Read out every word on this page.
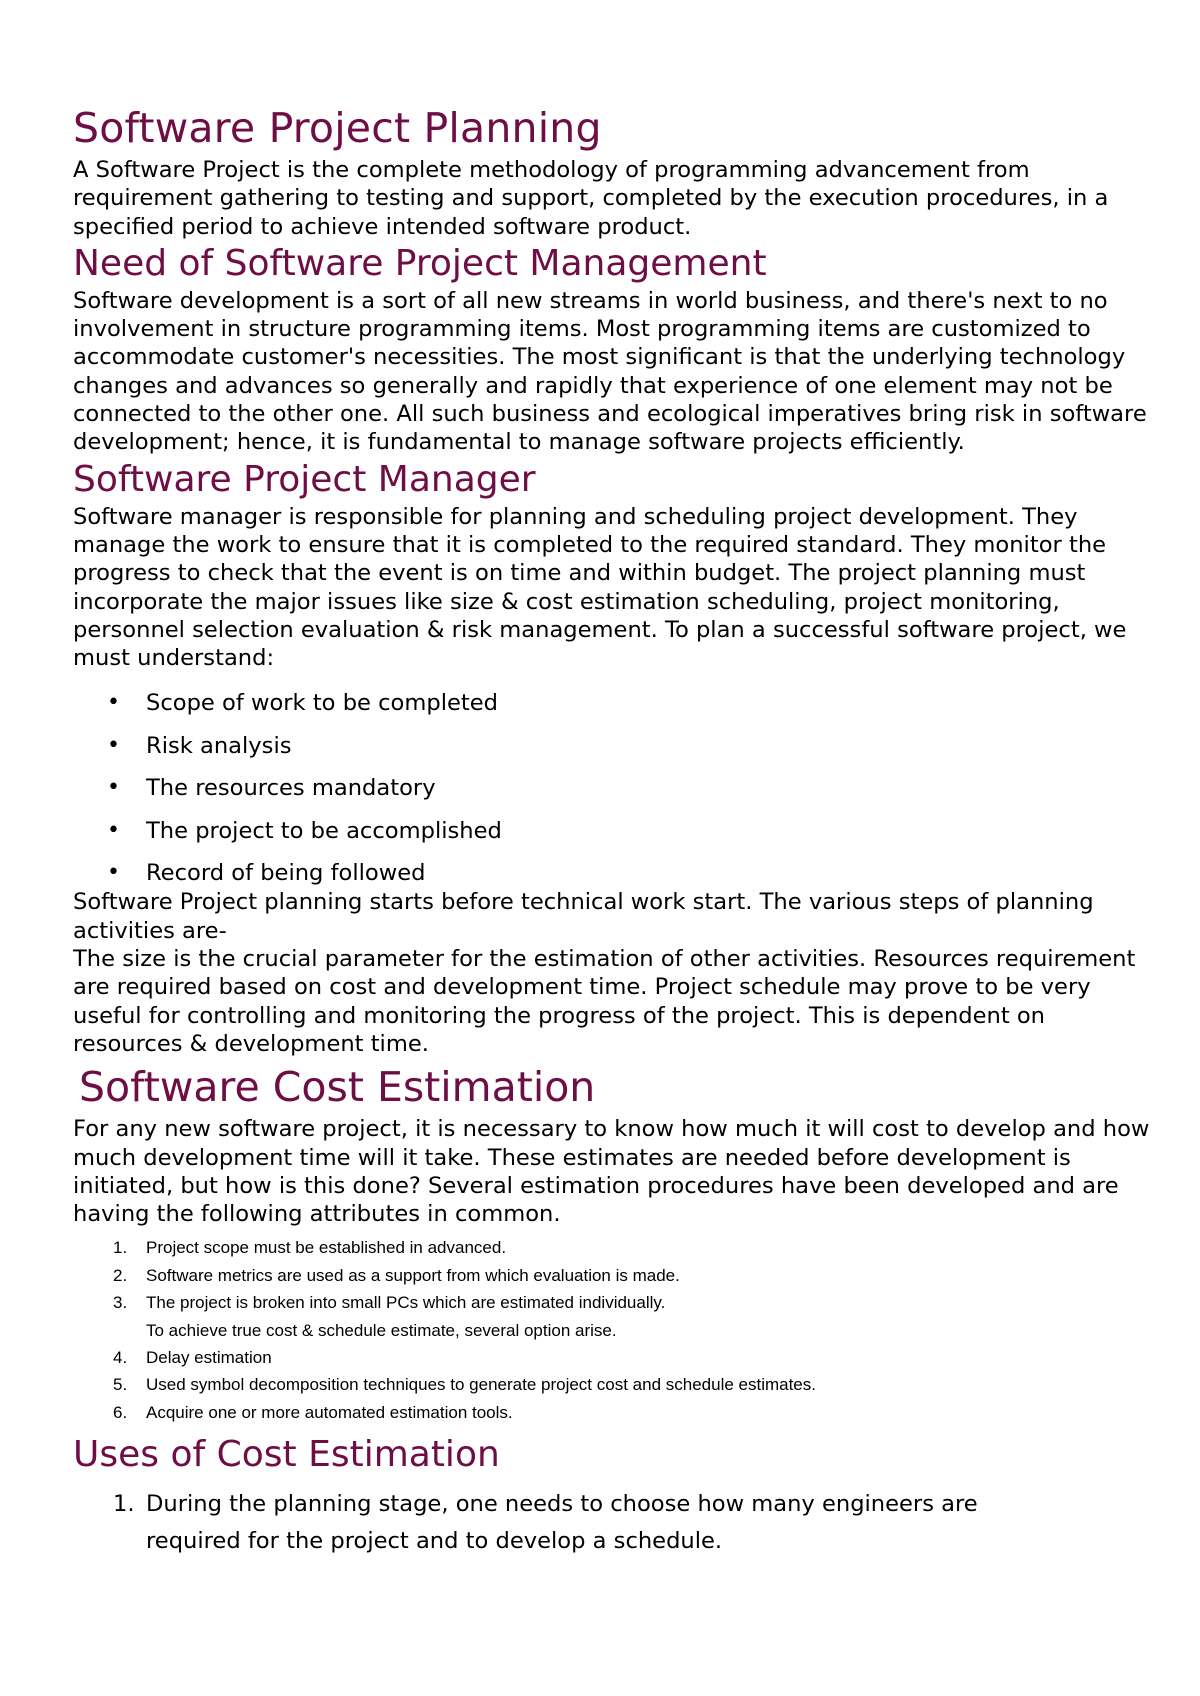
Software Project Planning

A Software Project is the complete methodology of programming advancement from requirement gathering to testing and support, completed by the execution procedures, in a specified period to achieve intended software product.

Need of Software Project Management

Software development is a sort of all new streams in world business, and there's next to no involvement in structure programming items. Most programming items are customized to accommodate customer's necessities. The most significant is that the underlying technology changes and advances so generally and rapidly that experience of one element may not be connected to the other one. All such business and ecological imperatives bring risk in software development; hence, it is fundamental to manage software projects efficiently.

Software Project Manager

Software manager is responsible for planning and scheduling project development. They manage the work to ensure that it is completed to the required standard. They monitor the progress to check that the event is on time and within budget. The project planning must incorporate the major issues like size & cost estimation scheduling, project monitoring, personnel selection evaluation & risk management. To plan a successful software project, we must understand:

• Scope of work to be completed
• Risk analysis
• The resources mandatory
• The project to be accomplished
• Record of being followed

Software Project planning starts before technical work start. The various steps of planning activities are-

The size is the crucial parameter for the estimation of other activities. Resources requirement are required based on cost and development time. Project schedule may prove to be very useful for controlling and monitoring the progress of the project. This is dependent on resources & development time.

Software Cost Estimation

For any new software project, it is necessary to know how much it will cost to develop and how much development time will it take. These estimates are needed before development is initiated, but how is this done? Several estimation procedures have been developed and are having the following attributes in common.

1. Project scope must be established in advanced.
2. Software metrics are used as a support from which evaluation is made.
3. The project is broken into small PCs which are estimated individually.
To achieve true cost & schedule estimate, several option arise.
4. Delay estimation
5. Used symbol decomposition techniques to generate project cost and schedule estimates.
6. Acquire one or more automated estimation tools.
Uses of Cost Estimation
1. During the planning stage, one needs to choose how many engineers are required for the project and to develop a schedule.
